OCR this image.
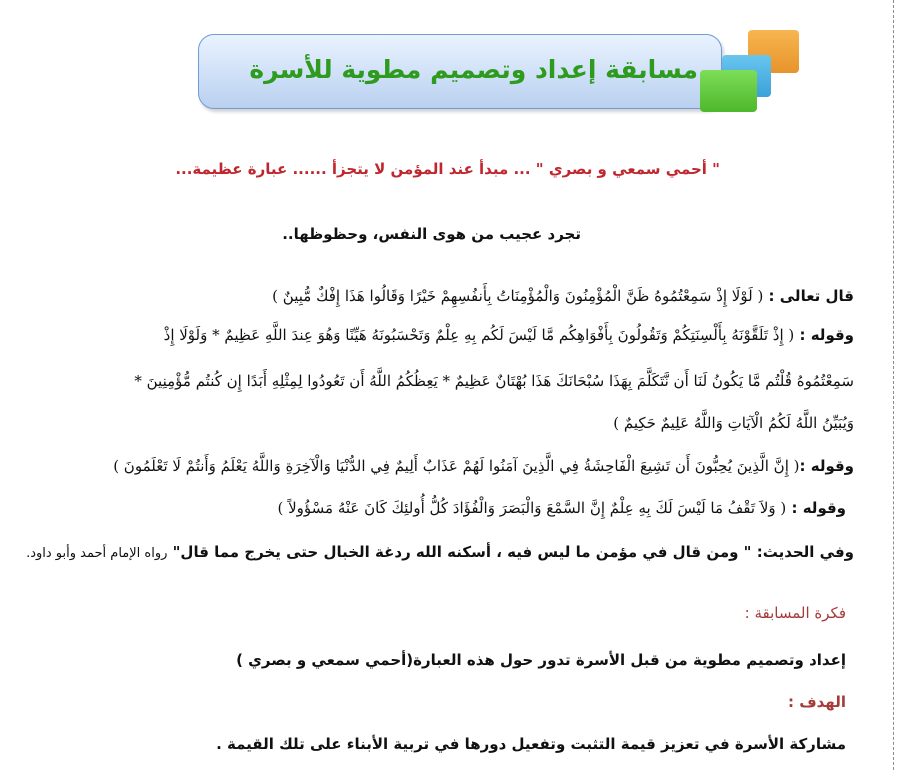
مسابقة إعداد وتصميم مطوية للأسرة
" أحمي سمعي و بصري " ... مبدأ عند المؤمن لا يتجزأ ...... عبارة عظيمة...
تجرد عجيب من هوى النفس، وحظوظها..
قال تعالى : ( لَوْلَا إِذْ سَمِعْتُمُوهُ ظَنَّ الْمُؤْمِنُونَ وَالْمُؤْمِنَاتُ بِأَنفُسِهِمْ خَيْرًا وَقَالُوا هَذَا إِفْكٌ مُّبِينٌ )
وقوله : ( إِذْ تَلَقَّوْنَهُ بِأَلْسِنَتِكُمْ وَتَقُولُونَ بِأَفْوَاهِكُم مَّا لَيْسَ لَكُم بِهِ عِلْمٌ وَتَحْسَبُونَهُ هَيِّنًا وَهُوَ عِندَ اللَّهِ عَظِيمٌ * وَلَوْلَا إِذْ
سَمِعْتُمُوهُ قُلْتُم مَّا يَكُونُ لَنَا أَن نَّتَكَلَّمَ بِهَذَا سُبْحَانَكَ هَذَا بُهْتَانٌ عَظِيمٌ * يَعِظُكُمُ اللَّهُ أَن تَعُودُوا لِمِثْلِهِ أَبَدًا إِن كُنتُم مُّؤْمِنِينَ *
وَيُبَيِّنُ اللَّهُ لَكُمُ الْآيَاتِ وَاللَّهُ عَلِيمٌ حَكِيمٌ )
وقوله :( إِنَّ الَّذِينَ يُحِبُّونَ أَن تَشِيعَ الْفَاحِشَةُ فِي الَّذِينَ آمَنُوا لَهُمْ عَذَابٌ أَلِيمٌ فِي الدُّنْيَا وَالْآخِرَةِ وَاللَّهُ يَعْلَمُ وَأَنتُمْ لَا تَعْلَمُونَ )
وقوله : ( وَلاَ تَقْفُ مَا لَيْسَ لَكَ بِهِ عِلْمٌ إِنَّ السَّمْعَ وَالْبَصَرَ وَالْفُؤَادَ كُلُّ أُولئِكَ كَانَ عَنْهُ مَسْؤُولاً )
وفي الحديث: " ومن قال في مؤمن ما ليس فيه ، أسكنه الله ردغة الخبال حتى يخرج مما قال" رواه الإمام أحمد وأبو داود.
فكرة المسابقة :
إعداد وتصميم مطوية من قبل الأسرة تدور حول هذه العبارة(أحمي سمعي و بصري )
الهدف :
مشاركة الأسرة في تعزيز قيمة التثبت وتفعيل دورها في تربية الأبناء على تلك القيمة .
